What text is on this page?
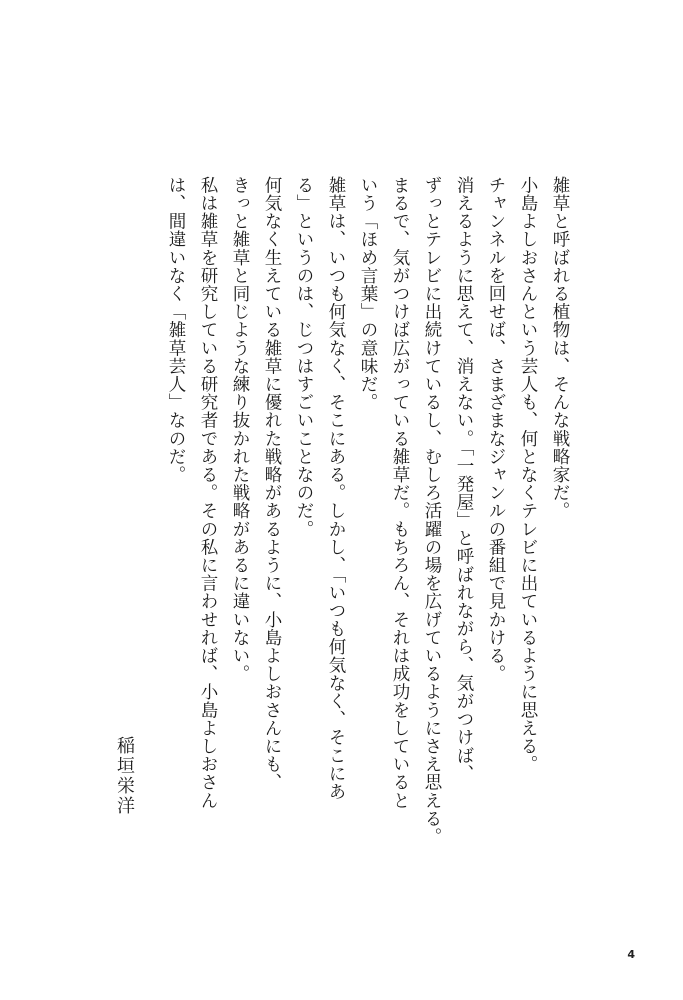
雑草と呼ばれる植物は、そんな戦略家だ。

小島よしおさんという芸人も、何となくテレビに出ているように思える。

チャンネルを回せば、さまざまなジャンルの番組で見かける。

消えるように思えて、消えない。「一発屋」と呼ばれながら、気がつけば、

ずっとテレビに出続けているし、むしろ活躍の場を広げているようにさえ思える。

まるで、気がつけば広がっている雑草だ。もちろん、それは成功をしていると

いう「ほめ言葉」の意味だ。

雑草は、いつも何気なく、そこにある。しかし、「いつも何気なく、そこにあ

る」というのは、じつはすごいことなのだ。

何気なく生えている雑草に優れた戦略があるように、小島よしおさんにも、

きっと雑草と同じような練り抜かれた戦略があるに違いない。

私は雑草を研究している研究者である。その私に言わせれば、小島よしおさん

は、間違いなく「雑草芸人」なのだ。

稲垣栄洋
4
